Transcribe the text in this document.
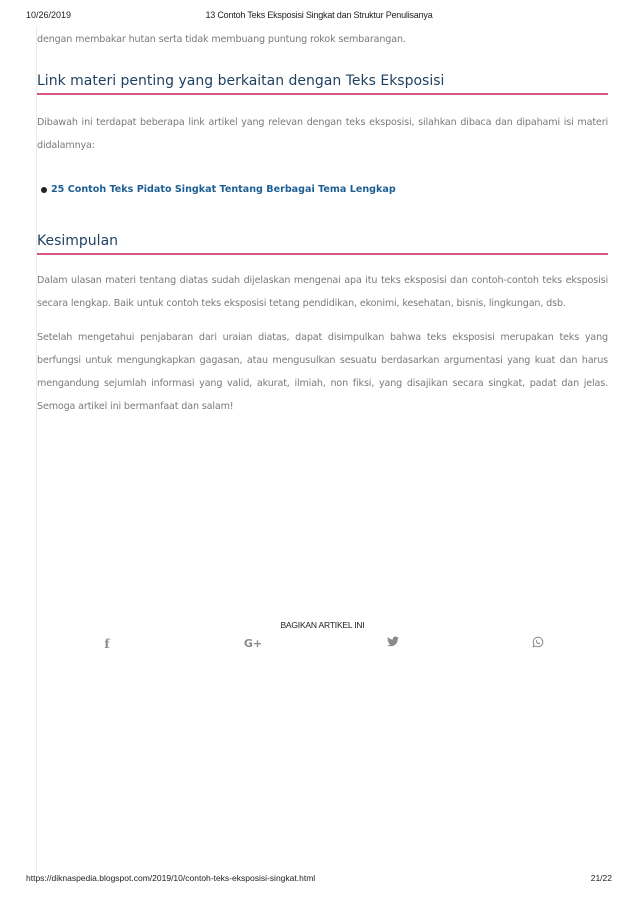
10/26/2019	13 Contoh Teks Eksposisi Singkat dan Struktur Penulisanya

dengan membakar hutan serta tidak membuang puntung rokok sembarangan.

Link materi penting yang berkaitan dengan Teks Eksposisi

Dibawah ini terdapat beberapa link artikel yang relevan dengan teks eksposisi, silahkan dibaca dan dipahami isi materi didalamnya:

25 Contoh Teks Pidato Singkat Tentang Berbagai Tema Lengkap
Kesimpulan

Dalam ulasan materi tentang diatas sudah dijelaskan mengenai apa itu teks eksposisi dan contoh-contoh teks eksposisi secara lengkap. Baik untuk contoh teks eksposisi tetang pendidikan, ekonimi, kesehatan, bisnis, lingkungan, dsb.

Setelah mengetahui penjabaran dari uraian diatas, dapat disimpulkan bahwa teks eksposisi merupakan teks yang berfungsi untuk mengungkapkan gagasan, atau mengusulkan sesuatu berdasarkan argumentasi yang kuat dan harus mengandung sejumlah informasi yang valid, akurat, ilmiah, non fiksi, yang disajikan secara singkat, padat dan jelas. Semoga artikel ini bermanfaat dan salam!

BAGIKAN ARTIKEL INI
f	G+
https://diknaspedia.blogspot.com/2019/10/contoh-teks-eksposisi-singkat.html	21/22
